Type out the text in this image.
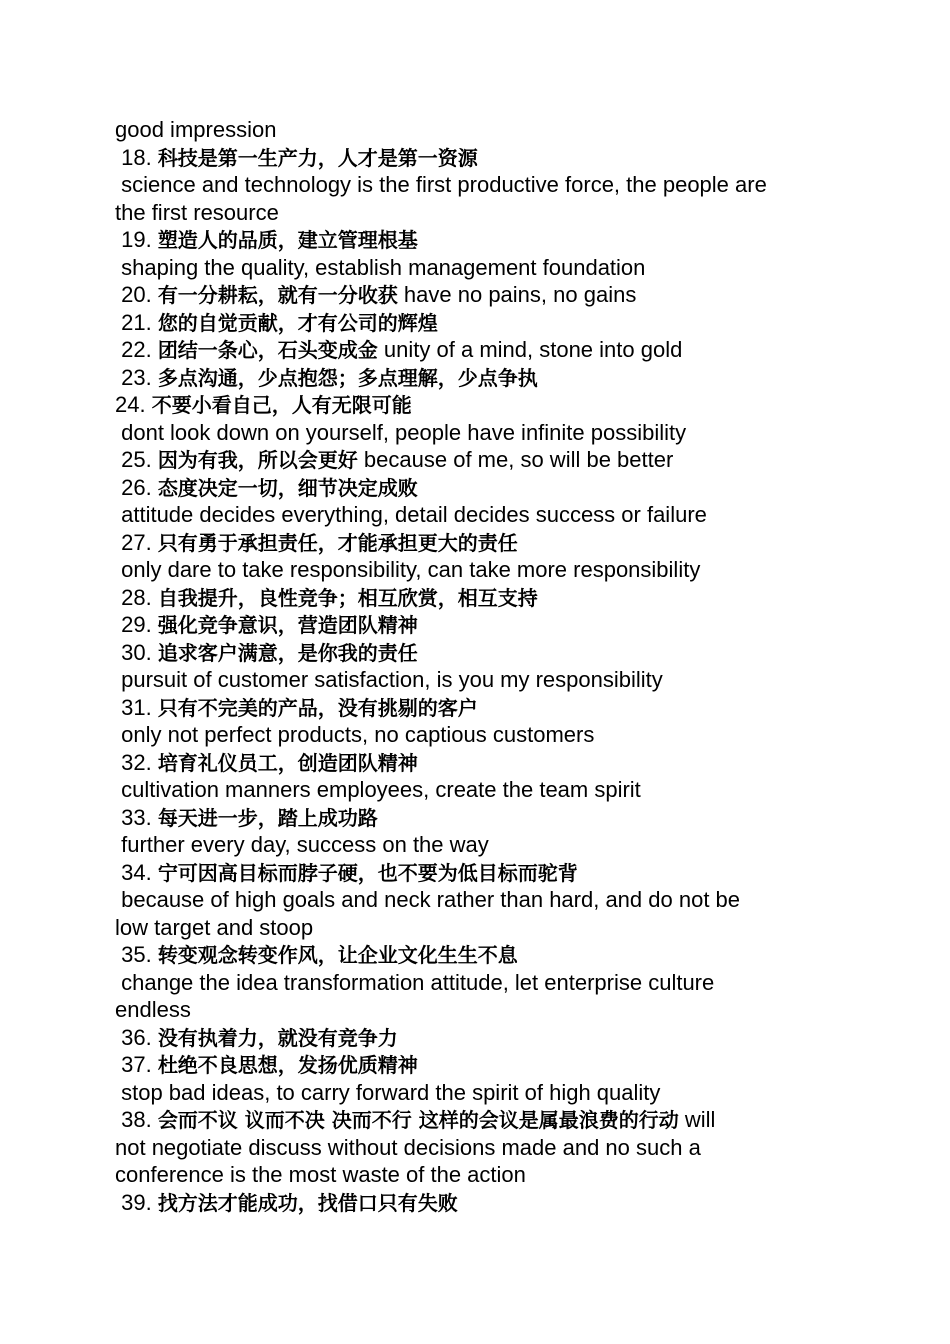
good impression
18. 科技是第一生产力，人才是第一资源
science and technology is the first productive force, the people are
the first resource
19. 塑造人的品质，建立管理根基
shaping the quality, establish management foundation
20. 有一分耕耘，就有一分收获 have no pains, no gains
21. 您的自觉贡献，才有公司的辉煌
22. 团结一条心，石头变成金 unity of a mind, stone into gold
23. 多点沟通，少点抱怨；多点理解，少点争执
24. 不要小看自己，人有无限可能
dont look down on yourself, people have infinite possibility
25. 因为有我，所以会更好 because of me, so will be better
26. 态度决定一切，细节决定成败
attitude decides everything, detail decides success or failure
27. 只有勇于承担责任，才能承担更大的责任
only dare to take responsibility, can take more responsibility
28. 自我提升，良性竞争；相互欣赏，相互支持
29. 强化竞争意识，营造团队精神
30. 追求客户满意，是你我的责任
pursuit of customer satisfaction, is you my responsibility
31. 只有不完美的产品，没有挑剔的客户
only not perfect products, no captious customers
32. 培育礼仪员工，创造团队精神
cultivation manners employees, create the team spirit
33. 每天进一步，踏上成功路
further every day, success on the way
34. 宁可因高目标而脖子硬，也不要为低目标而驼背
because of high goals and neck rather than hard, and do not be
low target and stoop
35. 转变观念转变作风，让企业文化生生不息
change the idea transformation attitude, let enterprise culture
endless
36. 没有执着力，就没有竞争力
37. 杜绝不良思想，发扬优质精神
stop bad ideas, to carry forward the spirit of high quality
38. 会而不议 议而不决 决而不行 这样的会议是属最浪费的行动 will
not negotiate discuss without decisions made and no such a
conference is the most waste of the action
39. 找方法才能成功，找借口只有失败
